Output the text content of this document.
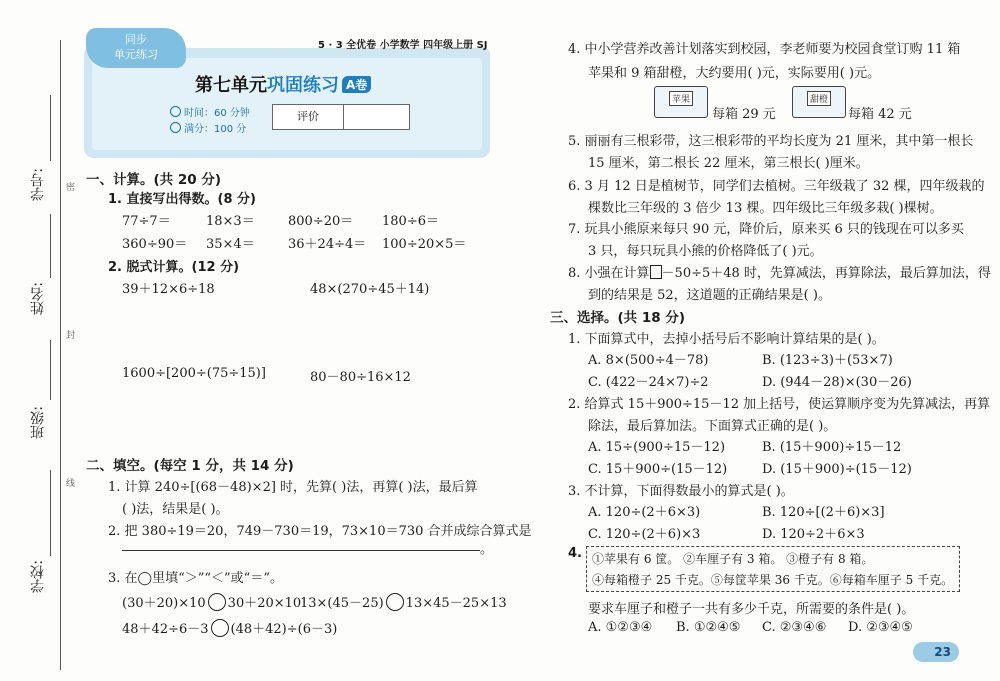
学号:
姓名:
班级:
学校:
密
封
线
同步
单元练习
5 · 3 全优卷 小学数学 四年级上册 SJ
第七单元巩固练习 A卷
时间：60 分钟
满分：100 分
评价
一、计算。(共 20 分)
1. 直接写出得数。(8 分)
77÷7＝	18×3＝	800÷20＝ 180÷6＝
360÷90＝ 35×4＝	36＋24÷4＝ 100÷20×5＝
2. 脱式计算。(12 分)
39＋12×6÷18	48×(270÷45＋14)
1600÷[200÷(75÷15)]	80－80÷16×12
二、填空。(每空 1 分，共 14 分)
1. 计算 240÷[(68－48)×2] 时，先算( )法，再算( )法，最后算
( )法，结果是( )。
2. 把 380÷19＝20，749－730＝19，73×10＝730 合并成综合算式是
。
3. 在◯里填“＞”“＜”或“＝”。
(30＋20)×10 30＋20×10
13×(45－25) 13×45－25×13
48＋42÷6－3 (48＋42)÷(6－3)
4. 中小学营养改善计划落实到校园，李老师要为校园食堂订购 11 箱
苹果和 9 箱甜橙，大约要用( )元，实际要用( )元。
苹果
每箱 29 元
甜橙
每箱 42 元
5. 丽丽有三根彩带，这三根彩带的平均长度为 21 厘米，其中第一根长
15 厘米，第二根长 22 厘米，第三根长( )厘米。
6. 3 月 12 日是植树节，同学们去植树。三年级栽了 32 棵，四年级栽的
棵数比三年级的 3 倍少 13 棵。四年级比三年级多栽( )棵树。
7. 玩具小熊原来每只 90 元，降价后，原来买 6 只的钱现在可以多买
3 只，每只玩具小熊的价格降低了( )元。
8. 小强在计算 －50÷5＋48 时，先算减法，再算除法，最后算加法，得
到的结果是 52，这道题的正确结果是( )。
三、选择。(共 18 分)
1. 下面算式中，去掉小括号后不影响计算结果的是( )。
A. 8×(500÷4－78)	B. (123÷3)＋(53×7)
C. (422－24×7)÷2	D. (944－28)×(30－26)
2. 给算式 15＋900÷15－12 加上括号，使运算顺序变为先算减法，再算
除法，最后算加法。下面算式正确的是( )。
A. 15÷(900÷15－12)	B. (15＋900)÷15－12
C. 15＋900÷(15－12)	D. (15＋900)÷(15－12)
3. 不计算，下面得数最小的算式是( )。
A. 120÷(2＋6×3)	B. 120÷[(2＋6)×3]
C. 120÷(2＋6)×3	D. 120÷2＋6×3
4. ①苹果有 6 筐。 ②车厘子有 3 箱。 ③橙子有 8 箱。
④每箱橙子 25 千克。⑤每筐苹果 36 千克。⑥每箱车厘子 5 千克。
要求车厘子和橙子一共有多少千克，所需要的条件是( )。
A. ①②③④ B. ①②④⑤ C. ②③④⑥ D. ②③④⑤
23
